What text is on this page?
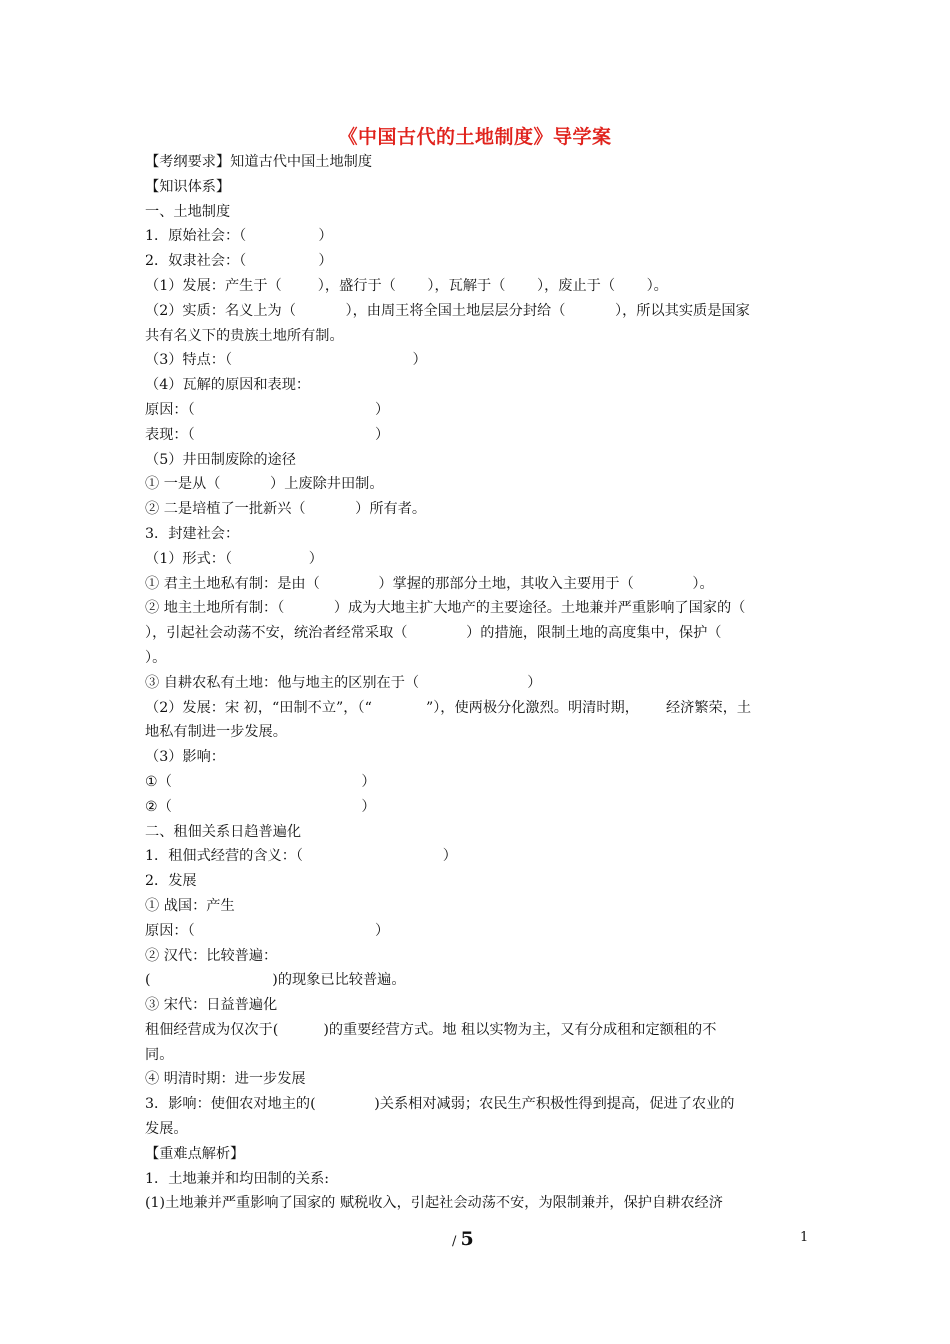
《中国古代的土地制度》导学案
【考纲要求】知道古代中国土地制度
【知识体系】
一、土地制度
1．原始社会：（                ）
2．奴隶社会：（                ）
（1）发展：产生于（        ），盛行于（       ），瓦解于（       ），废止于（       ）。
（2）实质：名义上为（           ），由周王将全国土地层层分封给（           ），所以其实质是国家
共有名义下的贵族土地所有制。
（3）特点：（                                        ）
（4）瓦解的原因和表现：
原因：（                                        ）
表现：（                                        ）
（5）井田制废除的途径
① 一是从（           ）上废除井田制。
② 二是培植了一批新兴（           ）所有者。
3．封建社会：
（1）形式：（                 ）
① 君主土地私有制：是由（             ）掌握的那部分土地，其收入主要用于（             ）。
② 地主土地所有制：（           ）成为大地主扩大地产的主要途径。土地兼并严重影响了国家的（
），引起社会动荡不安，统治者经常采取（             ）的措施，限制土地的高度集中，保护（
）。
③ 自耕农私有土地：他与地主的区别在于（                        ）
（2）发展：宋 初，“田制不立”，（“            ”），使两极分化激烈。明清时期，      经济繁荣，土
地私有制进一步发展。
（3）影响：
①（                                          ）
②（                                          ）
二、租佃关系日趋普遍化
1．租佃式经营的含义：（                               ）
2．发展
① 战国：产生
原因：（                                        ）
② 汉代：比较普遍：
(                           )的现象已比较普遍。
③ 宋代：日益普遍化
租佃经营成为仅次于(          )的重要经营方式。地 租以实物为主，又有分成租和定额租的不
同。
④ 明清时期：进一步发展
3．影响：使佃农对地主的(             )关系相对减弱；农民生产积极性得到提高，促进了农业的
发展。
【重难点解析】
1．土地兼并和均田制的关系:
(1)土地兼并严重影响了国家的 赋税收入，引起社会动荡不安，为限制兼并，保护自耕农经济
/ 5	1
